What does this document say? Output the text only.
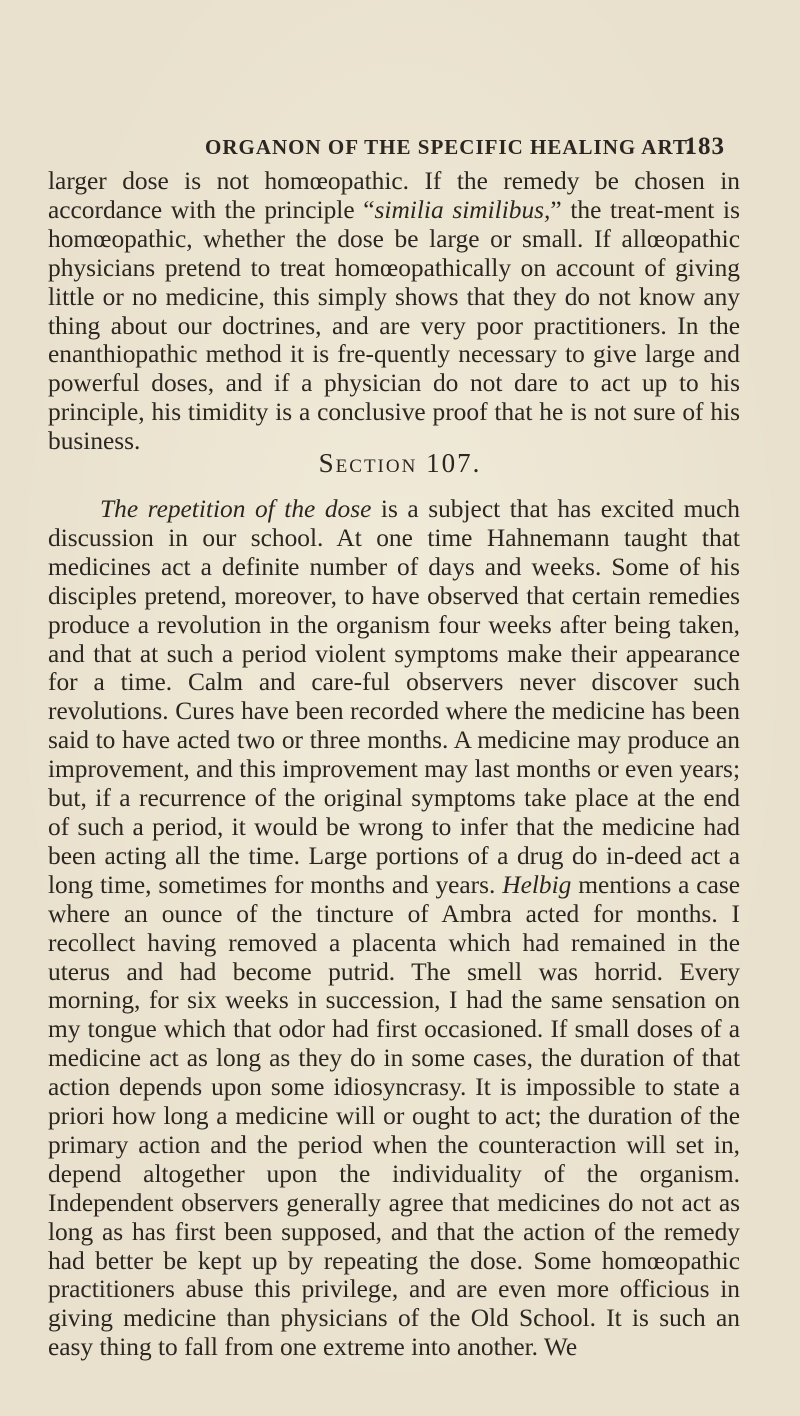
ORGANON OF THE SPECIFIC HEALING ART.
183

larger dose is not homœopathic. If the remedy be chosen in accordance with the principle “similia similibus,” the treat-ment is homœopathic, whether the dose be large or small. If allœopathic physicians pretend to treat homœopathically on account of giving little or no medicine, this simply shows that they do not know any thing about our doctrines, and are very poor practitioners. In the enanthiopathic method it is fre-quently necessary to give large and powerful doses, and if a physician do not dare to act up to his principle, his timidity is a conclusive proof that he is not sure of his business.

Section 107.

The repetition of the dose is a subject that has excited much discussion in our school. At one time Hahnemann taught that medicines act a definite number of days and weeks. Some of his disciples pretend, moreover, to have observed that certain remedies produce a revolution in the organism four weeks after being taken, and that at such a period violent symptoms make their appearance for a time. Calm and care-ful observers never discover such revolutions. Cures have been recorded where the medicine has been said to have acted two or three months. A medicine may produce an improvement, and this improvement may last months or even years; but, if a recurrence of the original symptoms take place at the end of such a period, it would be wrong to infer that the medicine had been acting all the time. Large portions of a drug do in-deed act a long time, sometimes for months and years. Helbig mentions a case where an ounce of the tincture of Ambra acted for months. I recollect having removed a placenta which had remained in the uterus and had become putrid. The smell was horrid. Every morning, for six weeks in succession, I had the same sensation on my tongue which that odor had first occasioned. If small doses of a medicine act as long as they do in some cases, the duration of that action depends upon some idiosyncrasy. It is impossible to state a priori how long a medicine will or ought to act; the duration of the primary action and the period when the counteraction will set in, depend altogether upon the individuality of the organism. Independent observers generally agree that medicines do not act as long as has first been supposed, and that the action of the remedy had better be kept up by repeating the dose. Some homœopathic practitioners abuse this privilege, and are even more officious in giving medicine than physicians of the Old School. It is such an easy thing to fall from one extreme into another. We
